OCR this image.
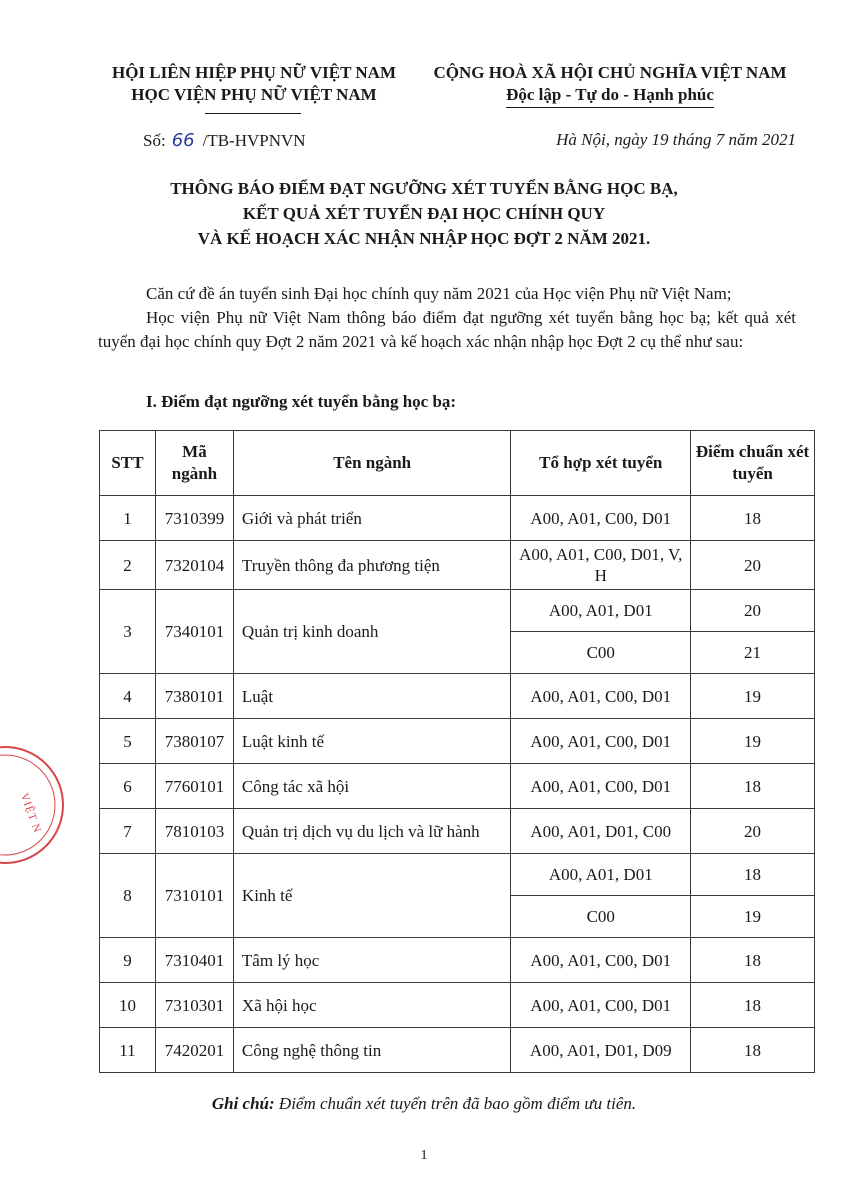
HỘI LIÊN HIỆP PHỤ NỮ VIỆT NAM
HỌC VIỆN PHỤ NỮ VIỆT NAM
CỘNG HOÀ XÃ HỘI CHỦ NGHĨA VIỆT NAM
Độc lập - Tự do - Hạnh phúc
Số: 66 /TB-HVPNVN	Hà Nội, ngày 19 tháng 7 năm 2021
THÔNG BÁO ĐIỂM ĐẠT NGƯỠNG XÉT TUYỂN BẰNG HỌC BẠ,
KẾT QUẢ XÉT TUYỂN ĐẠI HỌC CHÍNH QUY
VÀ KẾ HOẠCH XÁC NHẬN NHẬP HỌC ĐỢT 2 NĂM 2021.
Căn cứ đề án tuyển sinh Đại học chính quy năm 2021 của Học viện Phụ nữ Việt Nam;
Học viện Phụ nữ Việt Nam thông báo điểm đạt ngưỡng xét tuyển bằng học bạ; kết quả xét tuyển đại học chính quy Đợt 2 năm 2021 và kế hoạch xác nhận nhập học Đợt 2 cụ thể như sau:
I. Điểm đạt ngưỡng xét tuyển bằng học bạ:
STT	Mã ngành	Tên ngành	Tổ hợp xét tuyển	Điểm chuẩn xét tuyển
1	7310399	Giới và phát triển	A00, A01, C00, D01	18
2	7320104	Truyền thông đa phương tiện	A00, A01, C00, D01, V, H	20
3	7340101	Quản trị kinh doanh	A00, A01, D01	20
			C00	21
4	7380101	Luật	A00, A01, C00, D01	19
5	7380107	Luật kinh tế	A00, A01, C00, D01	19
6	7760101	Công tác xã hội	A00, A01, C00, D01	18
7	7810103	Quản trị dịch vụ du lịch và lữ hành	A00, A01, D01, C00	20
8	7310101	Kinh tế	A00, A01, D01	18
			C00	19
9	7310401	Tâm lý học	A00, A01, C00, D01	18
10	7310301	Xã hội học	A00, A01, C00, D01	18
11	7420201	Công nghệ thông tin	A00, A01, D01, D09	18
Ghi chú: Điểm chuẩn xét tuyển trên đã bao gồm điểm ưu tiên.
1
VIỆT N
